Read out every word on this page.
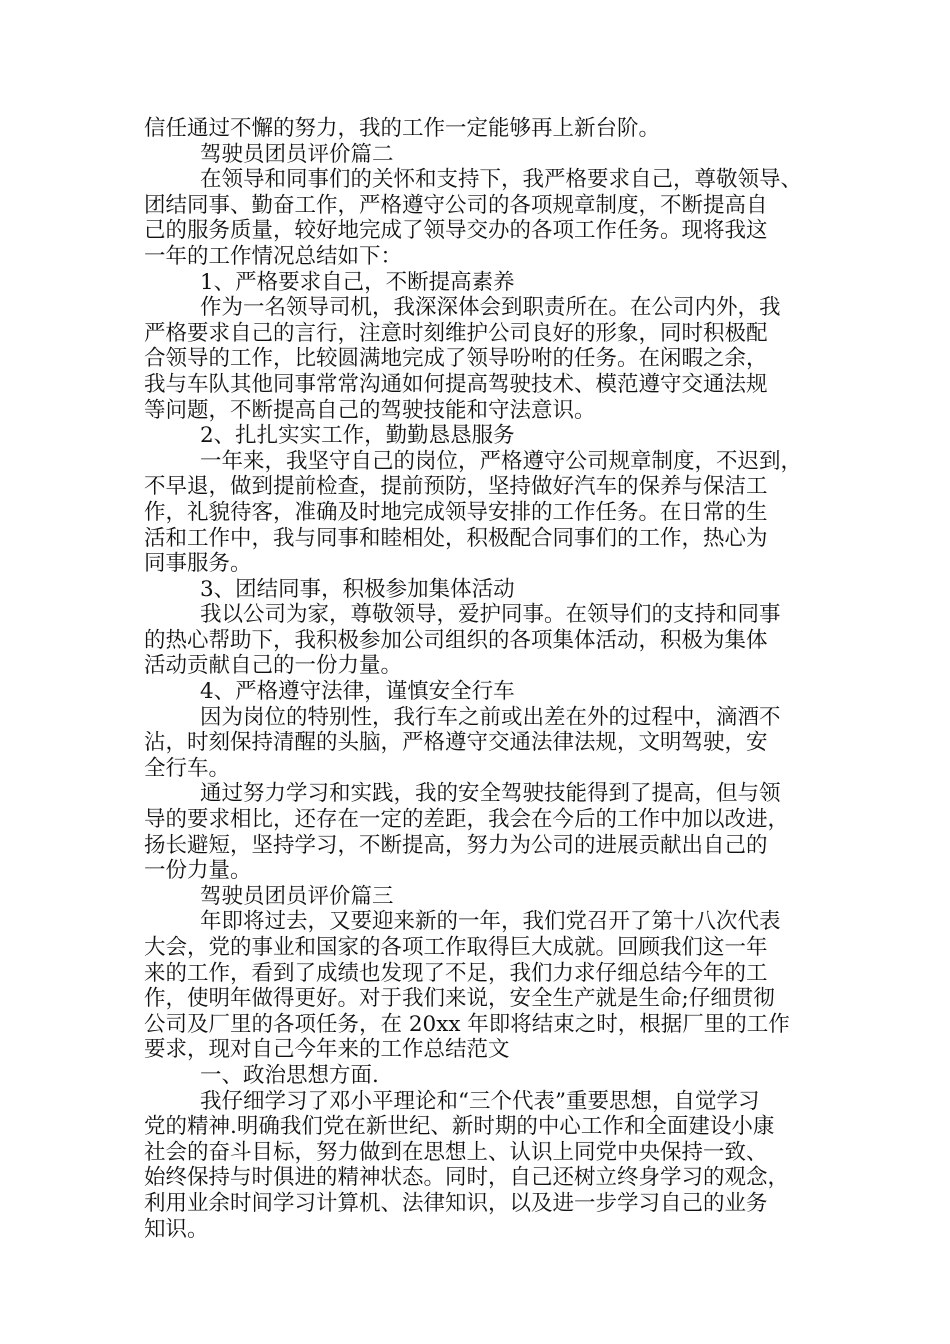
信任通过不懈的努力，我的工作一定能够再上新台阶。
驾驶员团员评价篇二
在领导和同事们的关怀和支持下，我严格要求自己，尊敬领导、
团结同事、勤奋工作，严格遵守公司的各项规章制度，不断提高自
己的服务质量，较好地完成了领导交办的各项工作任务。现将我这
一年的工作情况总结如下：
1、严格要求自己，不断提高素养
作为一名领导司机，我深深体会到职责所在。在公司内外，我
严格要求自己的言行，注意时刻维护公司良好的形象，同时积极配
合领导的工作，比较圆满地完成了领导吩咐的任务。在闲暇之余，
我与车队其他同事常常沟通如何提高驾驶技术、模范遵守交通法规
等问题，不断提高自己的驾驶技能和守法意识。
2、扎扎实实工作，勤勤恳恳服务
一年来，我坚守自己的岗位，严格遵守公司规章制度，不迟到，
不早退，做到提前检查，提前预防，坚持做好汽车的保养与保洁工
作，礼貌待客，准确及时地完成领导安排的工作任务。在日常的生
活和工作中，我与同事和睦相处，积极配合同事们的工作，热心为
同事服务。
3、团结同事，积极参加集体活动
我以公司为家，尊敬领导，爱护同事。在领导们的支持和同事
的热心帮助下，我积极参加公司组织的各项集体活动，积极为集体
活动贡献自己的一份力量。
4、严格遵守法律，谨慎安全行车
因为岗位的特别性，我行车之前或出差在外的过程中，滴酒不
沾，时刻保持清醒的头脑，严格遵守交通法律法规，文明驾驶，安
全行车。
通过努力学习和实践，我的安全驾驶技能得到了提高，但与领
导的要求相比，还存在一定的差距，我会在今后的工作中加以改进，
扬长避短，坚持学习，不断提高，努力为公司的进展贡献出自己的
一份力量。
驾驶员团员评价篇三
年即将过去，又要迎来新的一年，我们党召开了第十八次代表
大会，党的事业和国家的各项工作取得巨大成就。回顾我们这一年
来的工作，看到了成绩也发现了不足，我们力求仔细总结今年的工
作，使明年做得更好。对于我们来说，安全生产就是生命;仔细贯彻
公司及厂里的各项任务，在 20xx 年即将结束之时，根据厂里的工作
要求，现对自己今年来的工作总结范文
一、政治思想方面.
我仔细学习了邓小平理论和“三个代表”重要思想，自觉学习
党的精神.明确我们党在新世纪、新时期的中心工作和全面建设小康
社会的奋斗目标，努力做到在思想上、认识上同党中央保持一致、
始终保持与时俱进的精神状态。同时，自己还树立终身学习的观念，
利用业余时间学习计算机、法律知识，以及进一步学习自己的业务
知识。
